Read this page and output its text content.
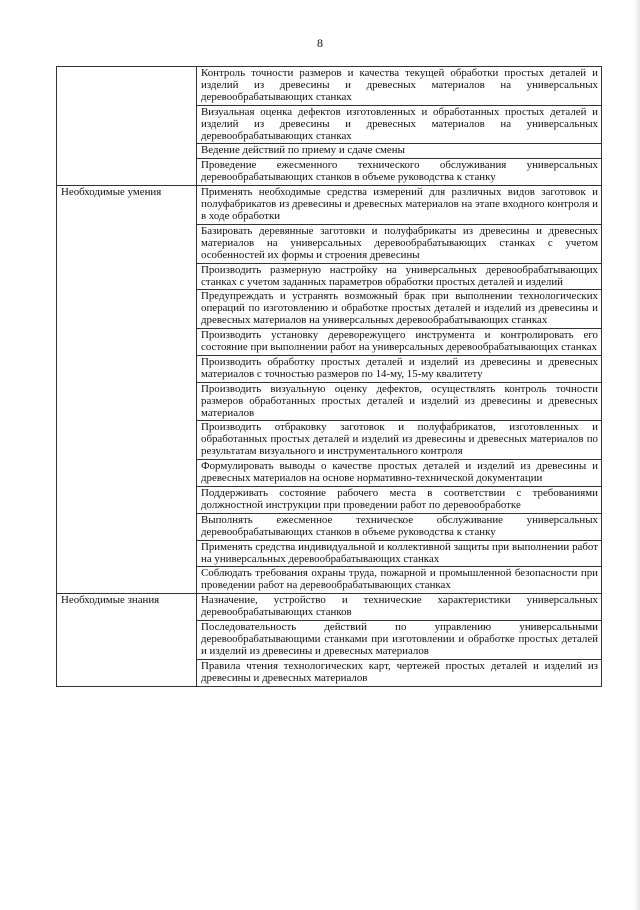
8
	Контроль точности размеров и качества текущей обработки простых деталей и изделий из древесины и древесных материалов на универсальных деревообрабатывающих станках
	Визуальная оценка дефектов изготовленных и обработанных простых деталей и изделий из древесины и древесных материалов на универсальных деревообрабатывающих станках
	Ведение действий по приему и сдаче смены
	Проведение ежесменного технического обслуживания универсальных деревообрабатывающих станков в объеме руководства к станку
Необходимые умения	Применять необходимые средства измерений для различных видов заготовок и полуфабрикатов из древесины и древесных материалов на этапе входного контроля и в ходе обработки
	Базировать деревянные заготовки и полуфабрикаты из древесины и древесных материалов на универсальных деревообрабатывающих станках с учетом особенностей их формы и строения древесины
	Производить размерную настройку на универсальных деревообрабатывающих станках с учетом заданных параметров обработки простых деталей и изделий
	Предупреждать и устранять возможный брак при выполнении технологических операций по изготовлению и обработке простых деталей и изделий из древесины и древесных материалов на универсальных деревообрабатывающих станках
	Производить установку дереворежущего инструмента и контролировать его состояние при выполнении работ на универсальных деревообрабатывающих станках
	Производить обработку простых деталей и изделий из древесины и древесных материалов с точностью размеров по 14-му, 15-му квалитету
	Производить визуальную оценку дефектов, осуществлять контроль точности размеров обработанных простых деталей и изделий из древесины и древесных материалов
	Производить отбраковку заготовок и полуфабрикатов, изготовленных и обработанных простых деталей и изделий из древесины и древесных материалов по результатам визуального и инструментального контроля
	Формулировать выводы о качестве простых деталей и изделий из древесины и древесных материалов на основе нормативно-технической документации
	Поддерживать состояние рабочего места в соответствии с требованиями должностной инструкции при проведении работ по деревообработке
	Выполнять ежесменное техническое обслуживание универсальных деревообрабатывающих станков в объеме руководства к станку
	Применять средства индивидуальной и коллективной защиты при выполнении работ на универсальных деревообрабатывающих станках
	Соблюдать требования охраны труда, пожарной и промышленной безопасности при проведении работ на деревообрабатывающих станках
Необходимые знания	Назначение, устройство и технические характеристики универсальных деревообрабатывающих станков
	Последовательность действий по управлению универсальными деревообрабатывающими станками при изготовлении и обработке простых деталей и изделий из древесины и древесных материалов
	Правила чтения технологических карт, чертежей простых деталей и изделий из древесины и древесных материалов
